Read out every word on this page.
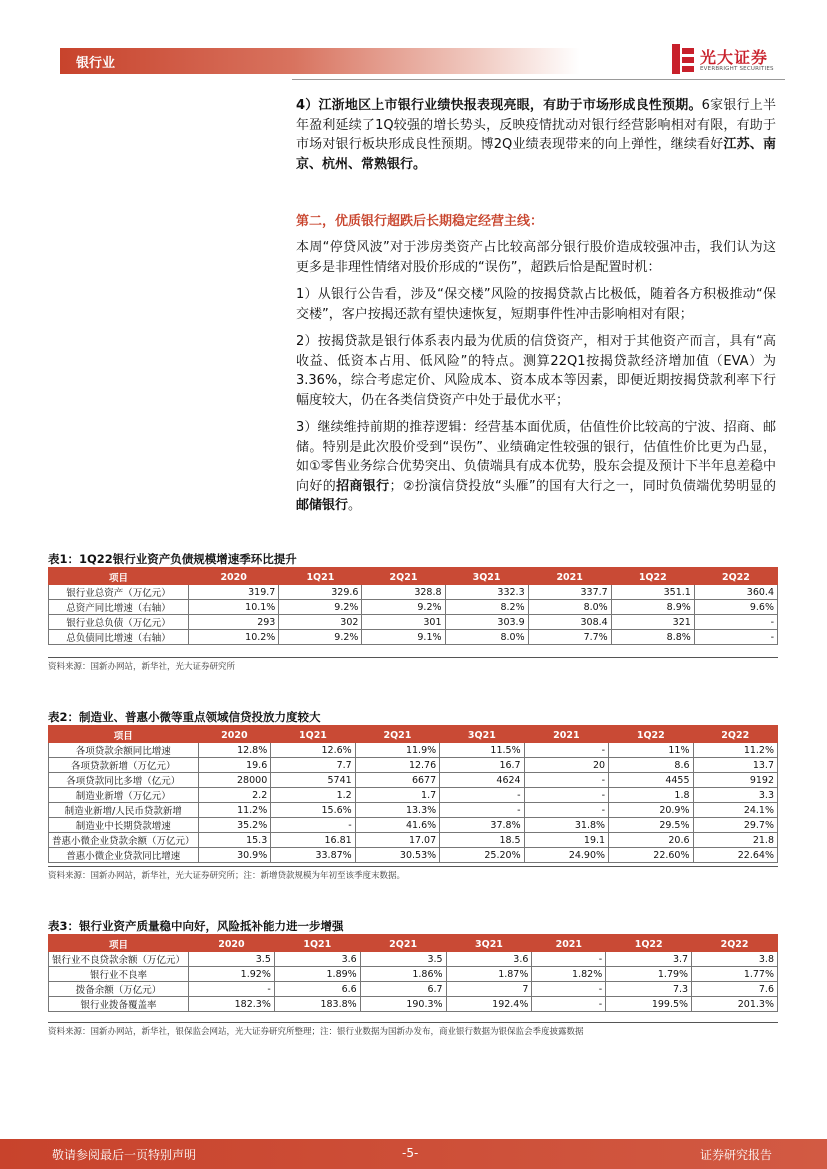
银行业	光大证券
EVERBRIGHT SECURITIES

4）江浙地区上市银行业绩快报表现亮眼，有助于市场形成良性预期。6家银行上半年盈利延续了1Q较强的增长势头，反映疫情扰动对银行经营影响相对有限，有助于市场对银行板块形成良性预期。博2Q业绩表现带来的向上弹性，继续看好江苏、南京、杭州、常熟银行。

第二，优质银行超跌后长期稳定经营主线：

本周“停贷风波”对于涉房类资产占比较高部分银行股价造成较强冲击，我们认为这更多是非理性情绪对股价形成的“误伤”，超跌后恰是配置时机：

1）从银行公告看，涉及“保交楼”风险的按揭贷款占比极低，随着各方积极推动“保交楼”，客户按揭还款有望快速恢复，短期事件性冲击影响相对有限；

2）按揭贷款是银行体系表内最为优质的信贷资产，相对于其他资产而言，具有“高收益、低资本占用、低风险”的特点。测算22Q1按揭贷款经济增加值（EVA）为3.36%，综合考虑定价、风险成本、资本成本等因素，即便近期按揭贷款利率下行幅度较大，仍在各类信贷资产中处于最优水平；

3）继续维持前期的推荐逻辑：经营基本面优质，估值性价比较高的宁波、招商、邮储。特别是此次股价受到“误伤”、业绩确定性较强的银行，估值性价比更为凸显，如①零售业务综合优势突出、负债端具有成本优势，股东会提及预计下半年息差稳中向好的招商银行；②扮演信贷投放“头雁”的国有大行之一，同时负债端优势明显的邮储银行。

表1：1Q22银行业资产负债规模增速季环比提升
项目	2020	1Q21	2Q21	3Q21	2021	1Q22	2Q22
银行业总资产（万亿元）	319.7	329.6	328.8	332.3	337.7	351.1	360.4
总资产同比增速（右轴）	10.1%	9.2%	9.2%	8.2%	8.0%	8.9%	9.6%
银行业总负债（万亿元）	293	302	301	303.9	308.4	321	-
总负债同比增速（右轴）	10.2%	9.2%	9.1%	8.0%	7.7%	8.8%	-
资料来源：国新办网站，新华社，光大证券研究所
表2：制造业、普惠小微等重点领域信贷投放力度较大
项目	2020	1Q21	2Q21	3Q21	2021	1Q22	2Q22
各项贷款余额同比增速	12.8%	12.6%	11.9%	11.5%	-	11%	11.2%
各项贷款新增（万亿元）	19.6	7.7	12.76	16.7	20	8.6	13.7
各项贷款同比多增（亿元）	28000	5741	6677	4624	-	4455	9192
制造业新增（万亿元）	2.2	1.2	1.7	-	-	1.8	3.3
制造业新增/人民币贷款新增	11.2%	15.6%	13.3%	-	-	20.9%	24.1%
制造业中长期贷款增速	35.2%	-	41.6%	37.8%	31.8%	29.5%	29.7%
普惠小微企业贷款余额（万亿元）	15.3	16.81	17.07	18.5	19.1	20.6	21.8
普惠小微企业贷款同比增速	30.9%	33.87%	30.53%	25.20%	24.90%	22.60%	22.64%
资料来源：国新办网站，新华社，光大证券研究所；注：新增贷款规模为年初至该季度末数据。
表3：银行业资产质量稳中向好，风险抵补能力进一步增强
项目	2020	1Q21	2Q21	3Q21	2021	1Q22	2Q22
银行业不良贷款余额（万亿元）	3.5	3.6	3.5	3.6	-	3.7	3.8
银行业不良率	1.92%	1.89%	1.86%	1.87%	1.82%	1.79%	1.77%
拨备余额（万亿元）	-	6.6	6.7	7	-	7.3	7.6
银行业拨备覆盖率	182.3%	183.8%	190.3%	192.4%	-	199.5%	201.3%
资料来源：国新办网站，新华社，银保监会网站，光大证券研究所整理；注：银行业数据为国新办发布，商业银行数据为银保监会季度披露数据
敬请参阅最后一页特别声明	-5-	证券研究报告
